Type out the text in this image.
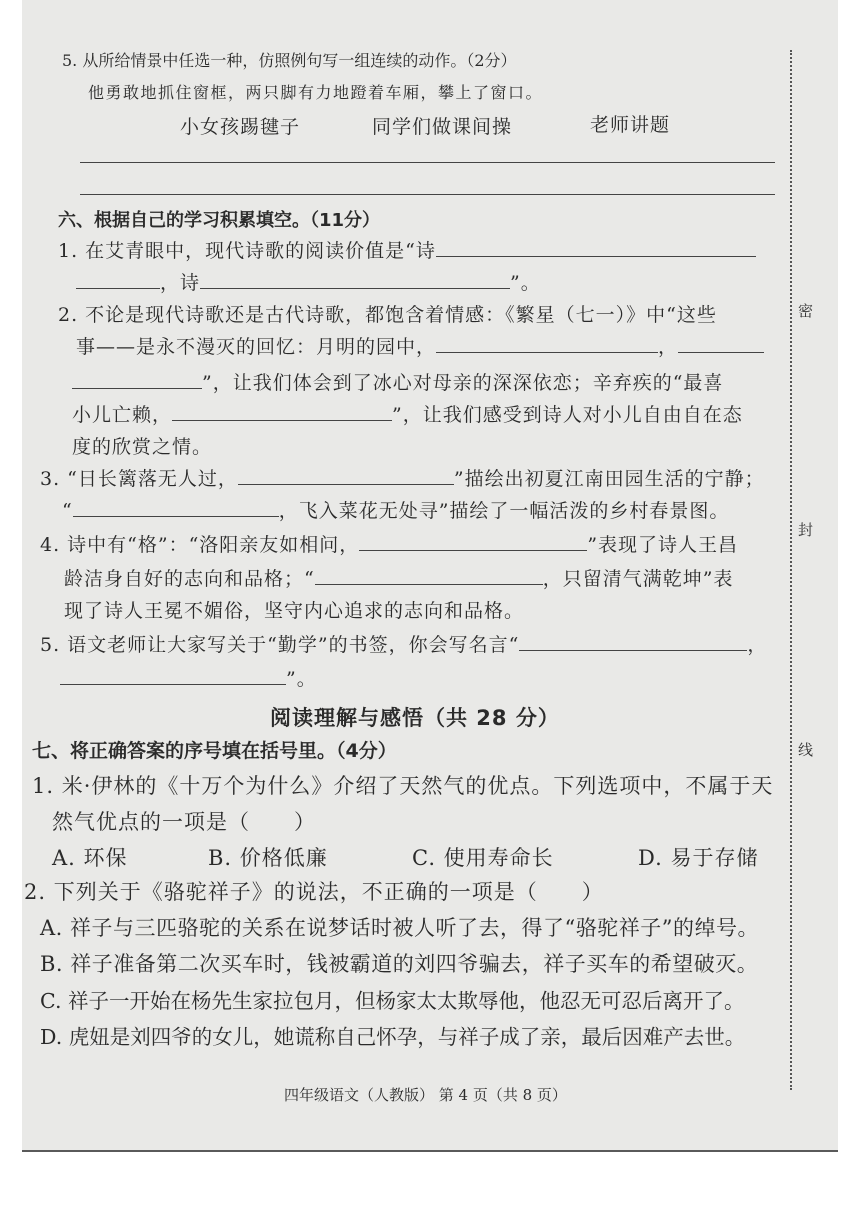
密
封
线
5. 从所给情景中任选一种，仿照例句写一组连续的动作。（2分）
他勇敢地抓住窗框，两只脚有力地蹬着车厢，攀上了窗口。
小女孩踢毽子	同学们做课间操	老师讲题
六、根据自己的学习积累填空。（11分）
1. 在艾青眼中，现代诗歌的阅读价值是“诗
，诗	”。
2. 不论是现代诗歌还是古代诗歌，都饱含着情感：《繁星（七一）》中“这些
事——是永不漫灭的回忆：月明的园中，	，
”，让我们体会到了冰心对母亲的深深依恋；辛弃疾的“最喜
小儿亡赖，	”，让我们感受到诗人对小儿自由自在态
度的欣赏之情。
3. “日长篱落无人过，	”描绘出初夏江南田园生活的宁静；
“	，飞入菜花无处寻”描绘了一幅活泼的乡村春景图。
4. 诗中有“格”：“洛阳亲友如相问，	”表现了诗人王昌
龄洁身自好的志向和品格；“	，只留清气满乾坤”表
现了诗人王冕不媚俗，坚守内心追求的志向和品格。
5. 语文老师让大家写关于“勤学”的书签，你会写名言“	，
”。
阅读理解与感悟（共 28 分）
七、将正确答案的序号填在括号里。（4分）
1. 米·伊林的《十万个为什么》介绍了天然气的优点。下列选项中，不属于天
然气优点的一项是（　　）
A. 环保	B. 价格低廉	C. 使用寿命长	D. 易于存储
2. 下列关于《骆驼祥子》的说法，不正确的一项是（　　）
A. 祥子与三匹骆驼的关系在说梦话时被人听了去，得了“骆驼祥子”的绰号。
B. 祥子准备第二次买车时，钱被霸道的刘四爷骗去，祥子买车的希望破灭。
C. 祥子一开始在杨先生家拉包月，但杨家太太欺辱他，他忍无可忍后离开了。
D. 虎妞是刘四爷的女儿，她谎称自己怀孕，与祥子成了亲，最后因难产去世。
四年级语文（人教版） 第 4 页（共 8 页）
